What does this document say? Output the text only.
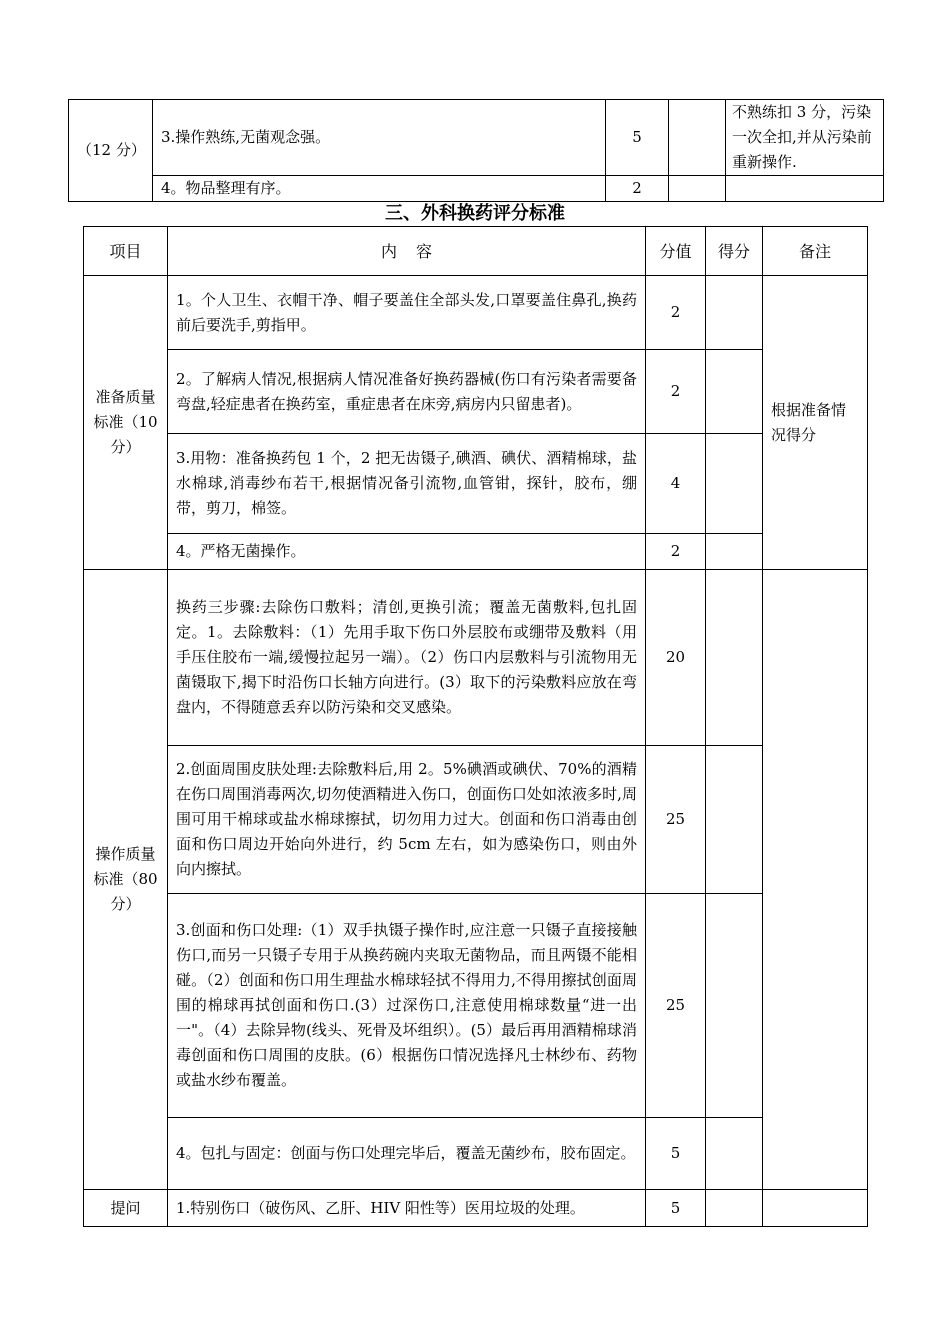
（12 分）	3.操作熟练,无菌观念强。	5		不熟练扣 3 分，污染一次全扣,并从污染前重新操作.
	4。物品整理有序。	2		
三、外科换药评分标准
项目	内 容	分值	得分	备注
准备质量标准（10 分）	1。个人卫生、衣帽干净、帽子要盖住全部头发,口罩要盖住鼻孔,换药前后要洗手,剪指甲。	2		根据准备情况得分
	2。了解病人情况,根据病人情况准备好换药器械(伤口有污染者需要备弯盘,轻症患者在换药室，重症患者在床旁,病房内只留患者)。	2		
	3.用物：准备换药包 1 个，2 把无齿镊子,碘酒、碘伏、酒精棉球，盐水棉球,消毒纱布若干,根据情况备引流物,血管钳，探针，胶布，绷带，剪刀，棉签。	4		
	4。严格无菌操作。	2		
操作质量标准（80 分）	换药三步骤:去除伤口敷料；清创,更换引流；覆盖无菌敷料,包扎固定。1。去除敷料：（1）先用手取下伤口外层胶布或绷带及敷料（用手压住胶布一端,缓慢拉起另一端）。（2）伤口内层敷料与引流物用无菌镊取下,揭下时沿伤口长轴方向进行。(3）取下的污染敷料应放在弯盘内，不得随意丢弃以防污染和交叉感染。	20		
	2.创面周围皮肤处理:去除敷料后,用 2。5%碘酒或碘伏、70%的酒精在伤口周围消毒两次,切勿使酒精进入伤口，创面伤口处如浓液多时,周围可用干棉球或盐水棉球擦拭，切勿用力过大。创面和伤口消毒由创面和伤口周边开始向外进行，约 5cm 左右，如为感染伤口，则由外向内擦拭。	25		
	3.创面和伤口处理:（1）双手执镊子操作时,应注意一只镊子直接接触伤口,而另一只镊子专用于从换药碗内夹取无菌物品，而且两镊不能相碰。（2）创面和伤口用生理盐水棉球轻拭不得用力,不得用擦拭创面周围的棉球再拭创面和伤口.(3）过深伤口,注意使用棉球数量“进一出一"。（4）去除异物(线头、死骨及坏组织）。(5）最后再用酒精棉球消毒创面和伤口周围的皮肤。(6）根据伤口情况选择凡士林纱布、药物或盐水纱布覆盖。	25		
	4。包扎与固定：创面与伤口处理完毕后，覆盖无菌纱布，胶布固定。	5		
提问	1.特别伤口（破伤风、乙肝、HIV 阳性等）医用垃圾的处理。	5		
